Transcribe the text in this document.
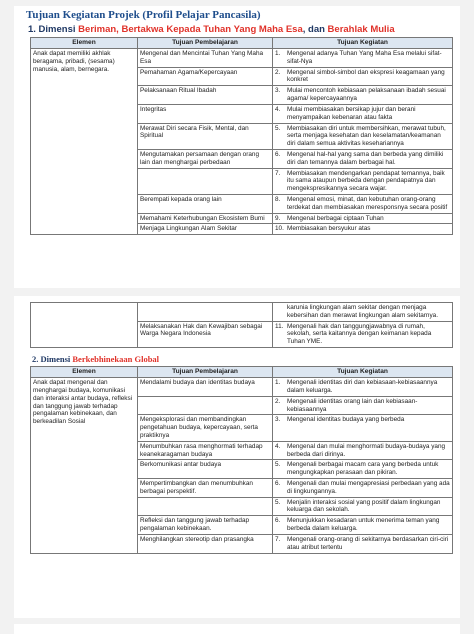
Tujuan Kegiatan Projek (Profil Pelajar Pancasila)
1. Dimensi Beriman, Bertakwa Kepada Tuhan Yang Maha Esa, dan Berahlak Mulia
Elemen	Tujuan Pembelajaran	Tujuan Kegiatan
Anak dapat memiliki akhlak beragama, pribadi, (sesama) manusia, alam, bernegara.	Mengenal dan Mencintai Tuhan Yang Maha Esa	1. Mengenal adanya Tuhan Yang Maha Esa melalui sifat-sifat-Nya

	Pemahaman Agama/Kepercayaan	2. Mengenal simbol-simbol dan ekspresi keagamaan yang konkret

	Pelaksanaan Ritual Ibadah	3. Mulai mencontoh kebiasaan pelaksanaan ibadah sesuai agama/ kepercayaannya

	Integritas	4. Mulai membiasakan bersikap jujur dan berani menyampaikan kebenaran atau fakta

	Merawat Diri secara Fisik, Mental, dan Spiritual	5. Membiasakan diri untuk membersihkan, merawat tubuh, serta menjaga kesehatan dan keselamatan/keamanan diri dalam semua aktivitas kesehariannya

	Mengutamakan persamaan dengan orang lain dan menghargai perbedaan	6. Mengenal hal-hal yang sama dan berbeda yang dimiliki diri dan temannya dalam berbagai hal.

		7. Membiasakan mendengarkan pendapat temannya, baik itu sama ataupun berbeda dengan pendapatnya dan mengekspresikannya secara wajar.

	Berempati kepada orang lain	8. Mengenal emosi, minat, dan kebutuhan orang-orang terdekat dan membiasakan meresponsnya secara positif

	Memahami Keterhubungan Ekosistem Bumi	9. Mengenal berbagai ciptaan Tuhan

	Menjaga Lingkungan Alam Sekitar	10. Membiasakan bersyukur atas

		karunia lingkungan alam sekitar dengan menjaga kebersihan dan merawat lingkungan alam sekitarnya.

	Melaksanakan Hak dan Kewajiban sebagai Warga Negara Indonesia	11. Mengenali hak dan tanggungjawabnya di rumah, sekolah, serta kaitannya dengan keimanan kepada Tuhan YME.
2. Dimensi Berkebhinekaan Global
Elemen	Tujuan Pembelajaran	Tujuan Kegiatan
Anak dapat mengenal dan menghargai budaya, komunikasi dan interaksi antar budaya, refleksi dan tanggung jawab terhadap pengalaman kebinekaan, dan berkeadilan Sosial	Mendalami budaya dan identitas budaya	1. Mengenali identitas diri dan kebiasaan-kebiasaannya dalam keluarga.

		2. Mengenali identitas orang lain dan kebiasaan-kebiasaannya

	Mengeksplorasi dan membandingkan pengetahuan budaya, kepercayaan, serta praktiknya	3. Mengenal identitas budaya yang berbeda

	Menumbuhkan rasa menghormati terhadap keanekaragaman budaya	4. Mengenal dan mulai menghormati budaya-budaya yang berbeda dari dirinya.

	Berkomunikasi antar budaya	5. Mengenali berbagai macam cara yang berbeda untuk mengungkapkan perasaan dan pikiran.

	Mempertimbangkan dan menumbuhkan berbagai perspektif.	6. Mengenali dan mulai mengapresiasi perbedaan yang ada di lingkungannya.

		5. Menjalin interaksi sosial yang positif dalam lingkungan keluarga dan sekolah.

	Refleksi dan tanggung jawab terhadap pengalaman kebinekaan.	6. Menunjukkan kesadaran untuk menerima teman yang berbeda dalam keluarga.

	Menghilangkan stereotip dan prasangka	7. Mengenali orang-orang di sekitarnya berdasarkan ciri-ciri atau atribut tertentu
